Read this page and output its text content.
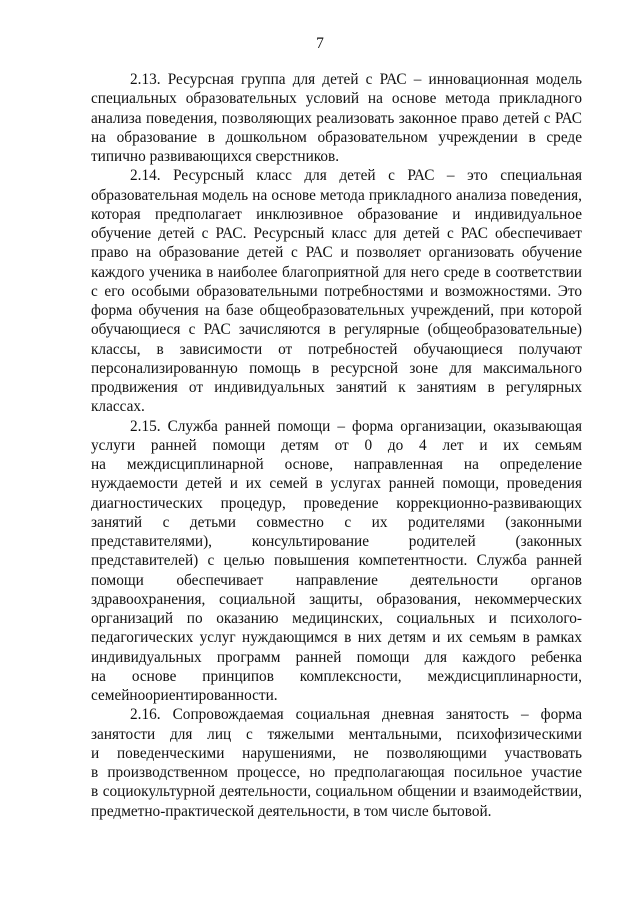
7

2.13. Ресурсная группа для детей с РАС – инновационная модель
специальных образовательных условий на основе метода прикладного
анализа поведения, позволяющих реализовать законное право детей с РАС
на образование в дошкольном образовательном учреждении в среде
типично развивающихся сверстников.

2.14. Ресурсный класс для детей с РАС – это специальная
образовательная модель на основе метода прикладного анализа поведения,
которая предполагает инклюзивное образование и индивидуальное
обучение детей с РАС. Ресурсный класс для детей с РАС обеспечивает
право на образование детей с РАС и позволяет организовать обучение
каждого ученика в наиболее благоприятной для него среде в соответствии
с его особыми образовательными потребностями и возможностями. Это
форма обучения на базе общеобразовательных учреждений, при которой
обучающиеся с РАС зачисляются в регулярные (общеобразовательные)
классы, в зависимости от потребностей обучающиеся получают
персонализированную помощь в ресурсной зоне для максимального
продвижения от индивидуальных занятий к занятиям в регулярных
классах.

2.15. Служба ранней помощи – форма организации, оказывающая
услуги ранней помощи детям от 0 до 4 лет и их семьям
на междисциплинарной основе, направленная на определение
нуждаемости детей и их семей в услугах ранней помощи, проведения
диагностических процедур, проведение коррекционно-развивающих
занятий с детьми совместно с их родителями (законными
представителями), консультирование родителей (законных
представителей) с целью повышения компетентности. Служба ранней
помощи обеспечивает направление деятельности органов
здравоохранения, социальной защиты, образования, некоммерческих
организаций по оказанию медицинских, социальных и психолого-
педагогических услуг нуждающимся в них детям и их семьям в рамках
индивидуальных программ ранней помощи для каждого ребенка
на основе принципов комплексности, междисциплинарности,
семейноориентированности.

2.16. Сопровождаемая социальная дневная занятость – форма
занятости для лиц с тяжелыми ментальными, психофизическими
и поведенческими нарушениями, не позволяющими участвовать
в производственном процессе, но предполагающая посильное участие
в социокультурной деятельности, социальном общении и взаимодействии,
предметно-практической деятельности, в том числе бытовой.
